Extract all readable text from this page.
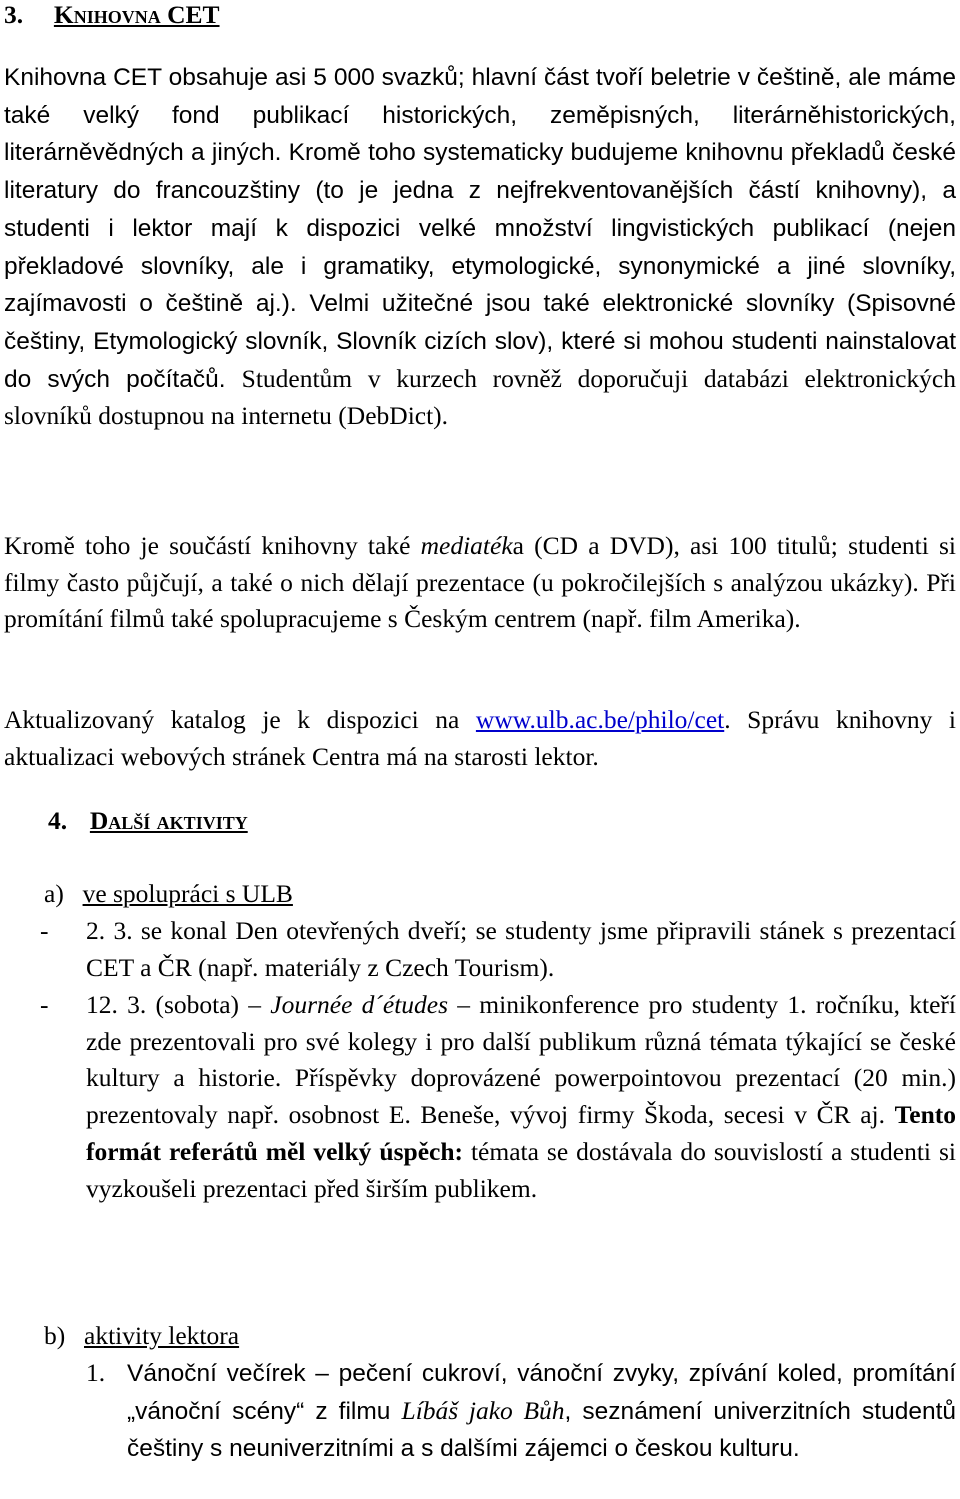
3. Knihovna CET
Knihovna CET obsahuje asi 5 000 svazků; hlavní část tvoří beletrie v češtině, ale máme také velký fond publikací historických, zeměpisných, literárněhistorických, literárněvědných a jiných. Kromě toho systematicky budujeme knihovnu překladů české literatury do francouzštiny (to je jedna z nejfrekventovanějších částí knihovny), a studenti i lektor mají k dispozici velké množství lingvistických publikací (nejen překladové slovníky, ale i gramatiky, etymologické, synonymické a jiné slovníky, zajímavosti o češtině aj.). Velmi užitečné jsou také elektronické slovníky (Spisovné češtiny, Etymologický slovník, Slovník cizích slov), které si mohou studenti nainstalovat do svých počítačů. Studentům v kurzech rovněž doporučuji databázi elektronických slovníků dostupnou na internetu (DebDict).
Kromě toho je součástí knihovny také mediatéka (CD a DVD), asi 100 titulů; studenti si filmy často půjčují, a také o nich dělají prezentace (u pokročilejších s analýzou ukázky). Při promítání filmů také spolupracujeme s Českým centrem (např. film Amerika).
Aktualizovaný katalog je k dispozici na www.ulb.ac.be/philo/cet. Správu knihovny i aktualizaci webových stránek Centra má na starosti lektor.
4. Další aktivity
a) ve spolupráci s ULB
- 2. 3. se konal Den otevřených dveří; se studenty jsme připravili stánek s prezentací CET a ČR (např. materiály z Czech Tourism).
- 12. 3. (sobota) – Journée d´études – minikonference pro studenty 1. ročníku, kteří zde prezentovali pro své kolegy i pro další publikum různá témata týkající se české kultury a historie. Příspěvky doprovázené powerpointovou prezentací (20 min.) prezentovaly např. osobnost E. Beneše, vývoj firmy Škoda, secesi v ČR aj. Tento formát referátů měl velký úspěch: témata se dostávala do souvislostí a studenti si vyzkoušeli prezentaci před širším publikem.
b) aktivity lektora
1. Vánoční večírek – pečení cukroví, vánoční zvyky, zpívání koled, promítání „vánoční scény“ z filmu Líbáš jako Bůh, seznámení univerzitních studentů češtiny s neuniverzitními a s dalšími zájemci o českou kulturu.
